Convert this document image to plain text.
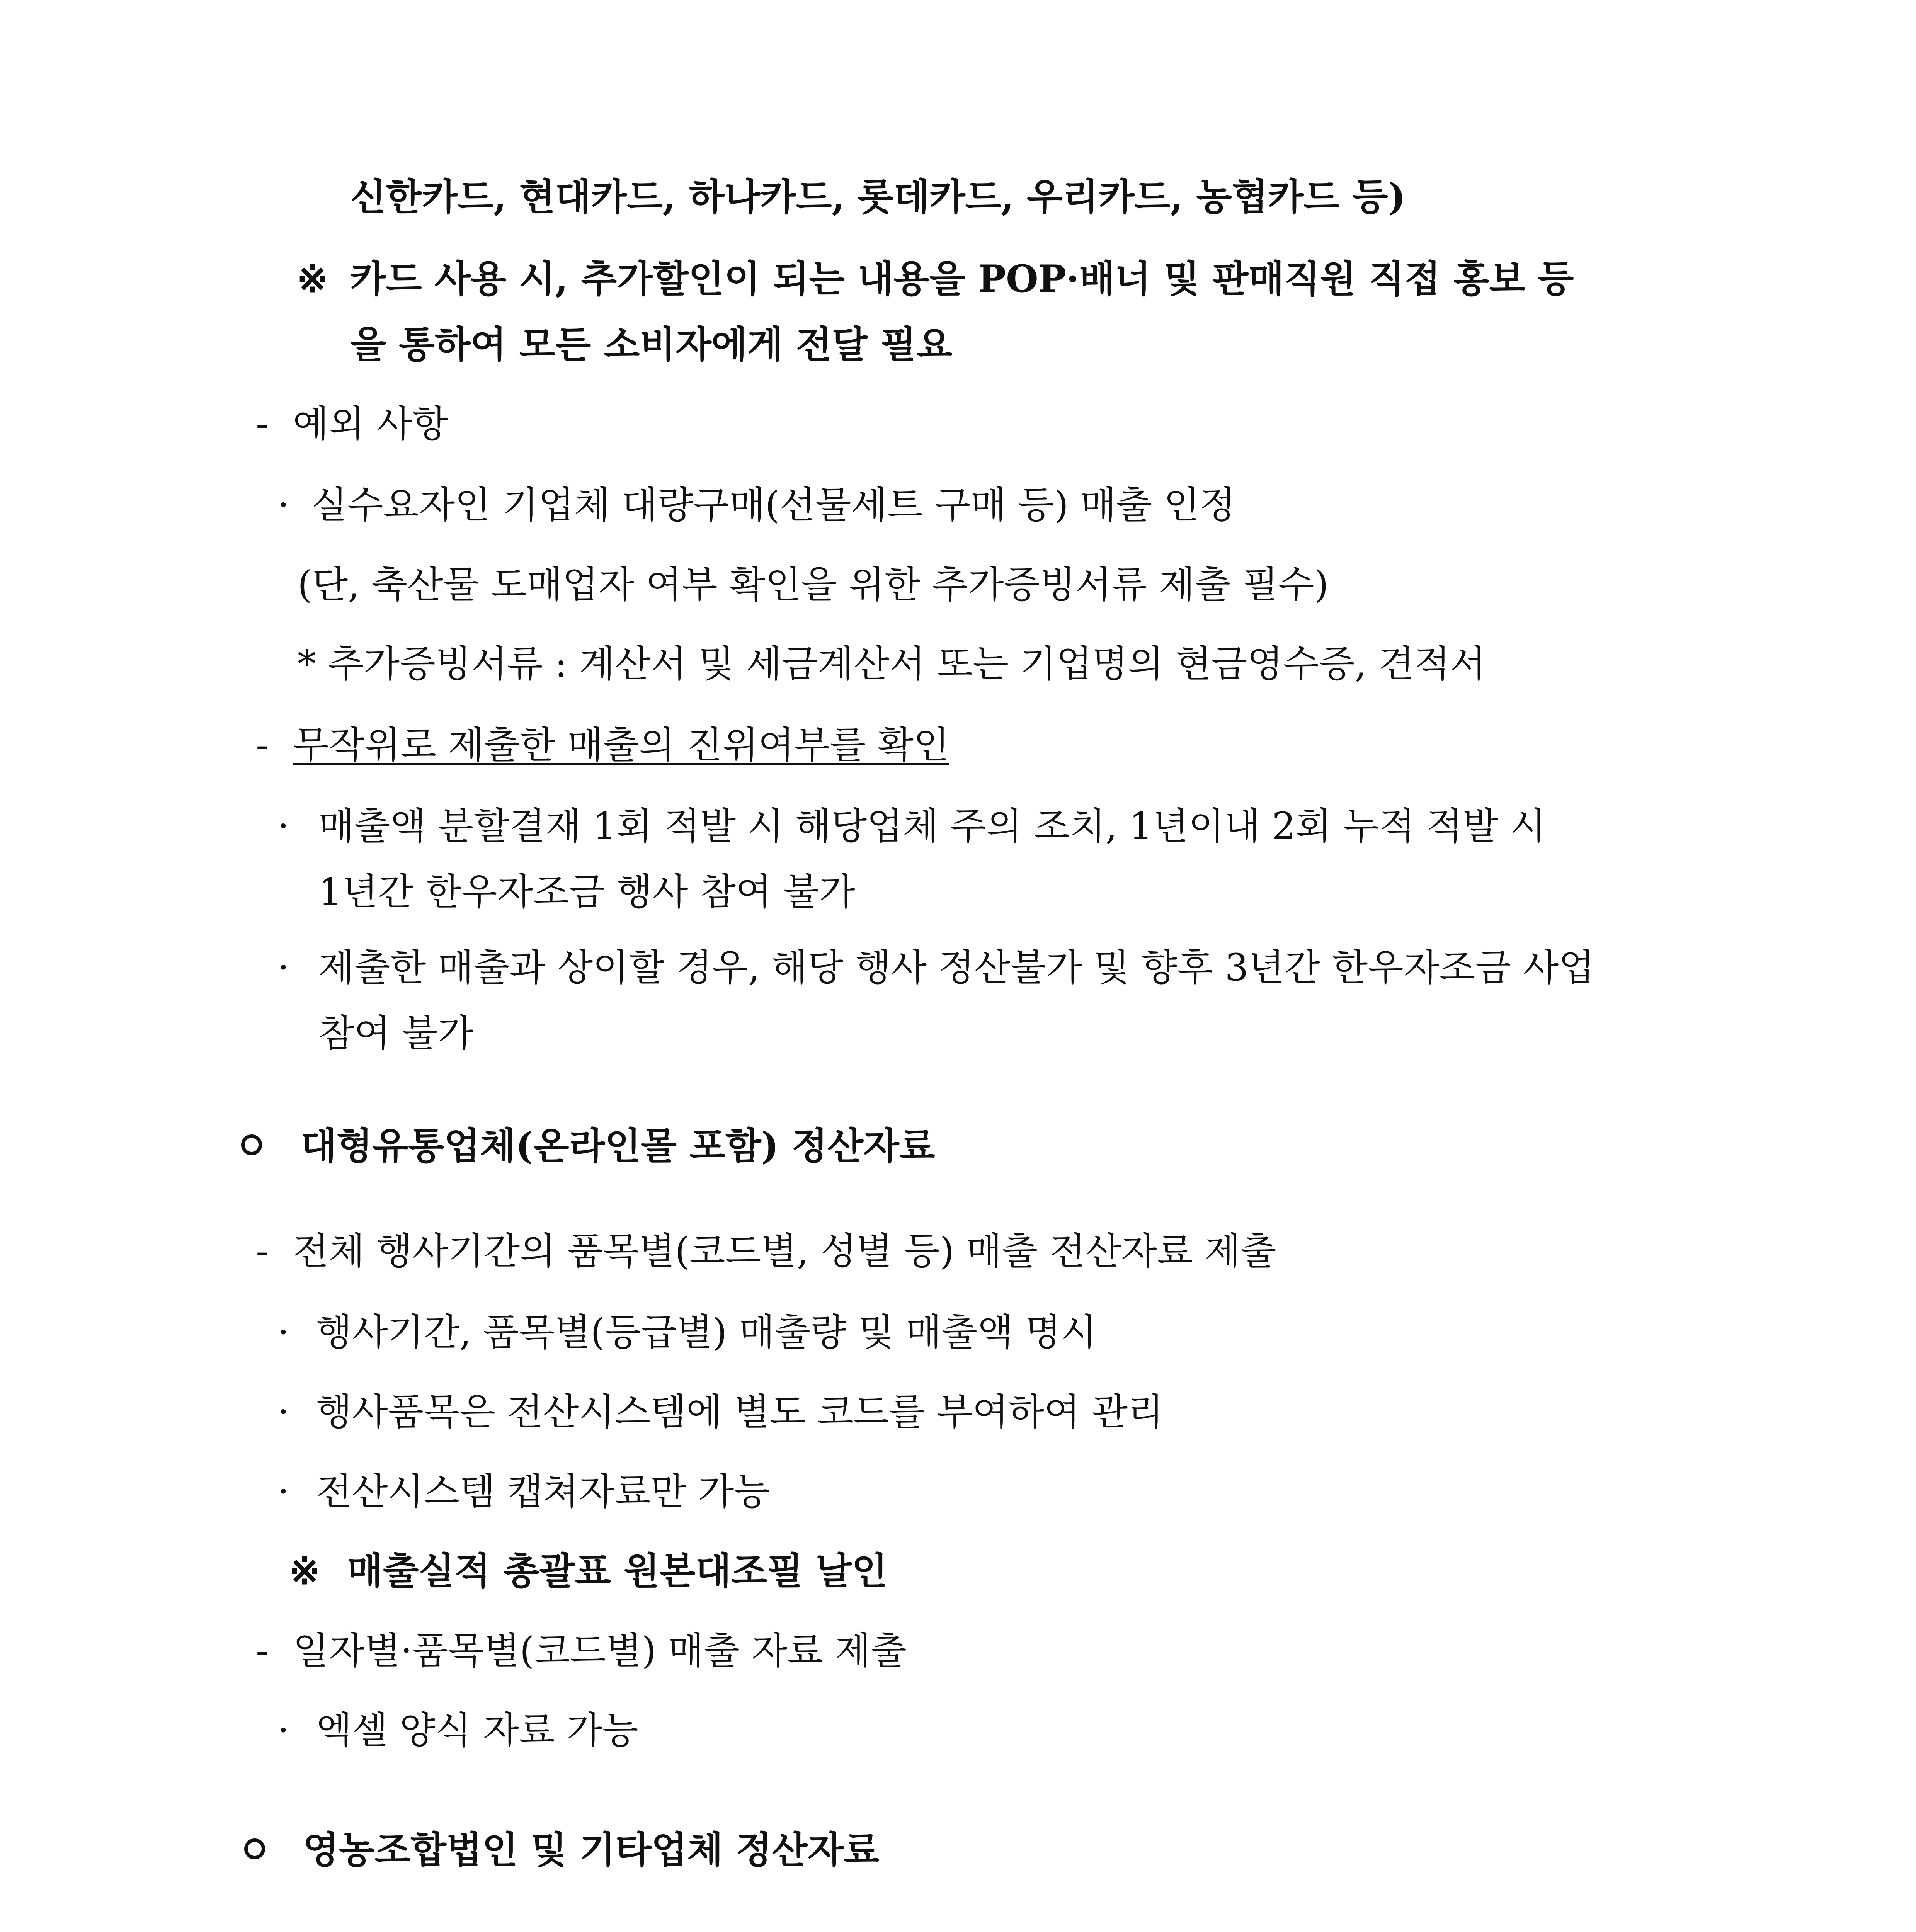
신한카드, 현대카드, 하나카드, 롯데카드, 우리카드, 농협카드 등)
※ 카드 사용 시, 추가할인이 되는 내용을 POP·배너 및 판매직원 직접 홍보 등
을 통하여 모든 소비자에게 전달 필요
- 예외 사항
· 실수요자인 기업체 대량구매(선물세트 구매 등) 매출 인정
(단, 축산물 도매업자 여부 확인을 위한 추가증빙서류 제출 필수)
* 추가증빙서류 : 계산서 및 세금계산서 또는 기업명의 현금영수증, 견적서
- 무작위로 제출한 매출의 진위여부를 확인
· 매출액 분할결재 1회 적발 시 해당업체 주의 조치, 1년이내 2회 누적 적발 시
1년간 한우자조금 행사 참여 불가
· 제출한 매출과 상이할 경우, 해당 행사 정산불가 및 향후 3년간 한우자조금 사업
참여 불가
대형유통업체(온라인몰 포함) 정산자료
- 전체 행사기간의 품목별(코드별, 성별 등) 매출 전산자료 제출
· 행사기간, 품목별(등급별) 매출량 및 매출액 명시
· 행사품목은 전산시스템에 별도 코드를 부여하여 관리
· 전산시스템 캡쳐자료만 가능
※ 매출실적 총괄표 원본대조필 날인
- 일자별·품목별(코드별) 매출 자료 제출
· 엑셀 양식 자료 가능
영농조합법인 및 기타업체 정산자료
